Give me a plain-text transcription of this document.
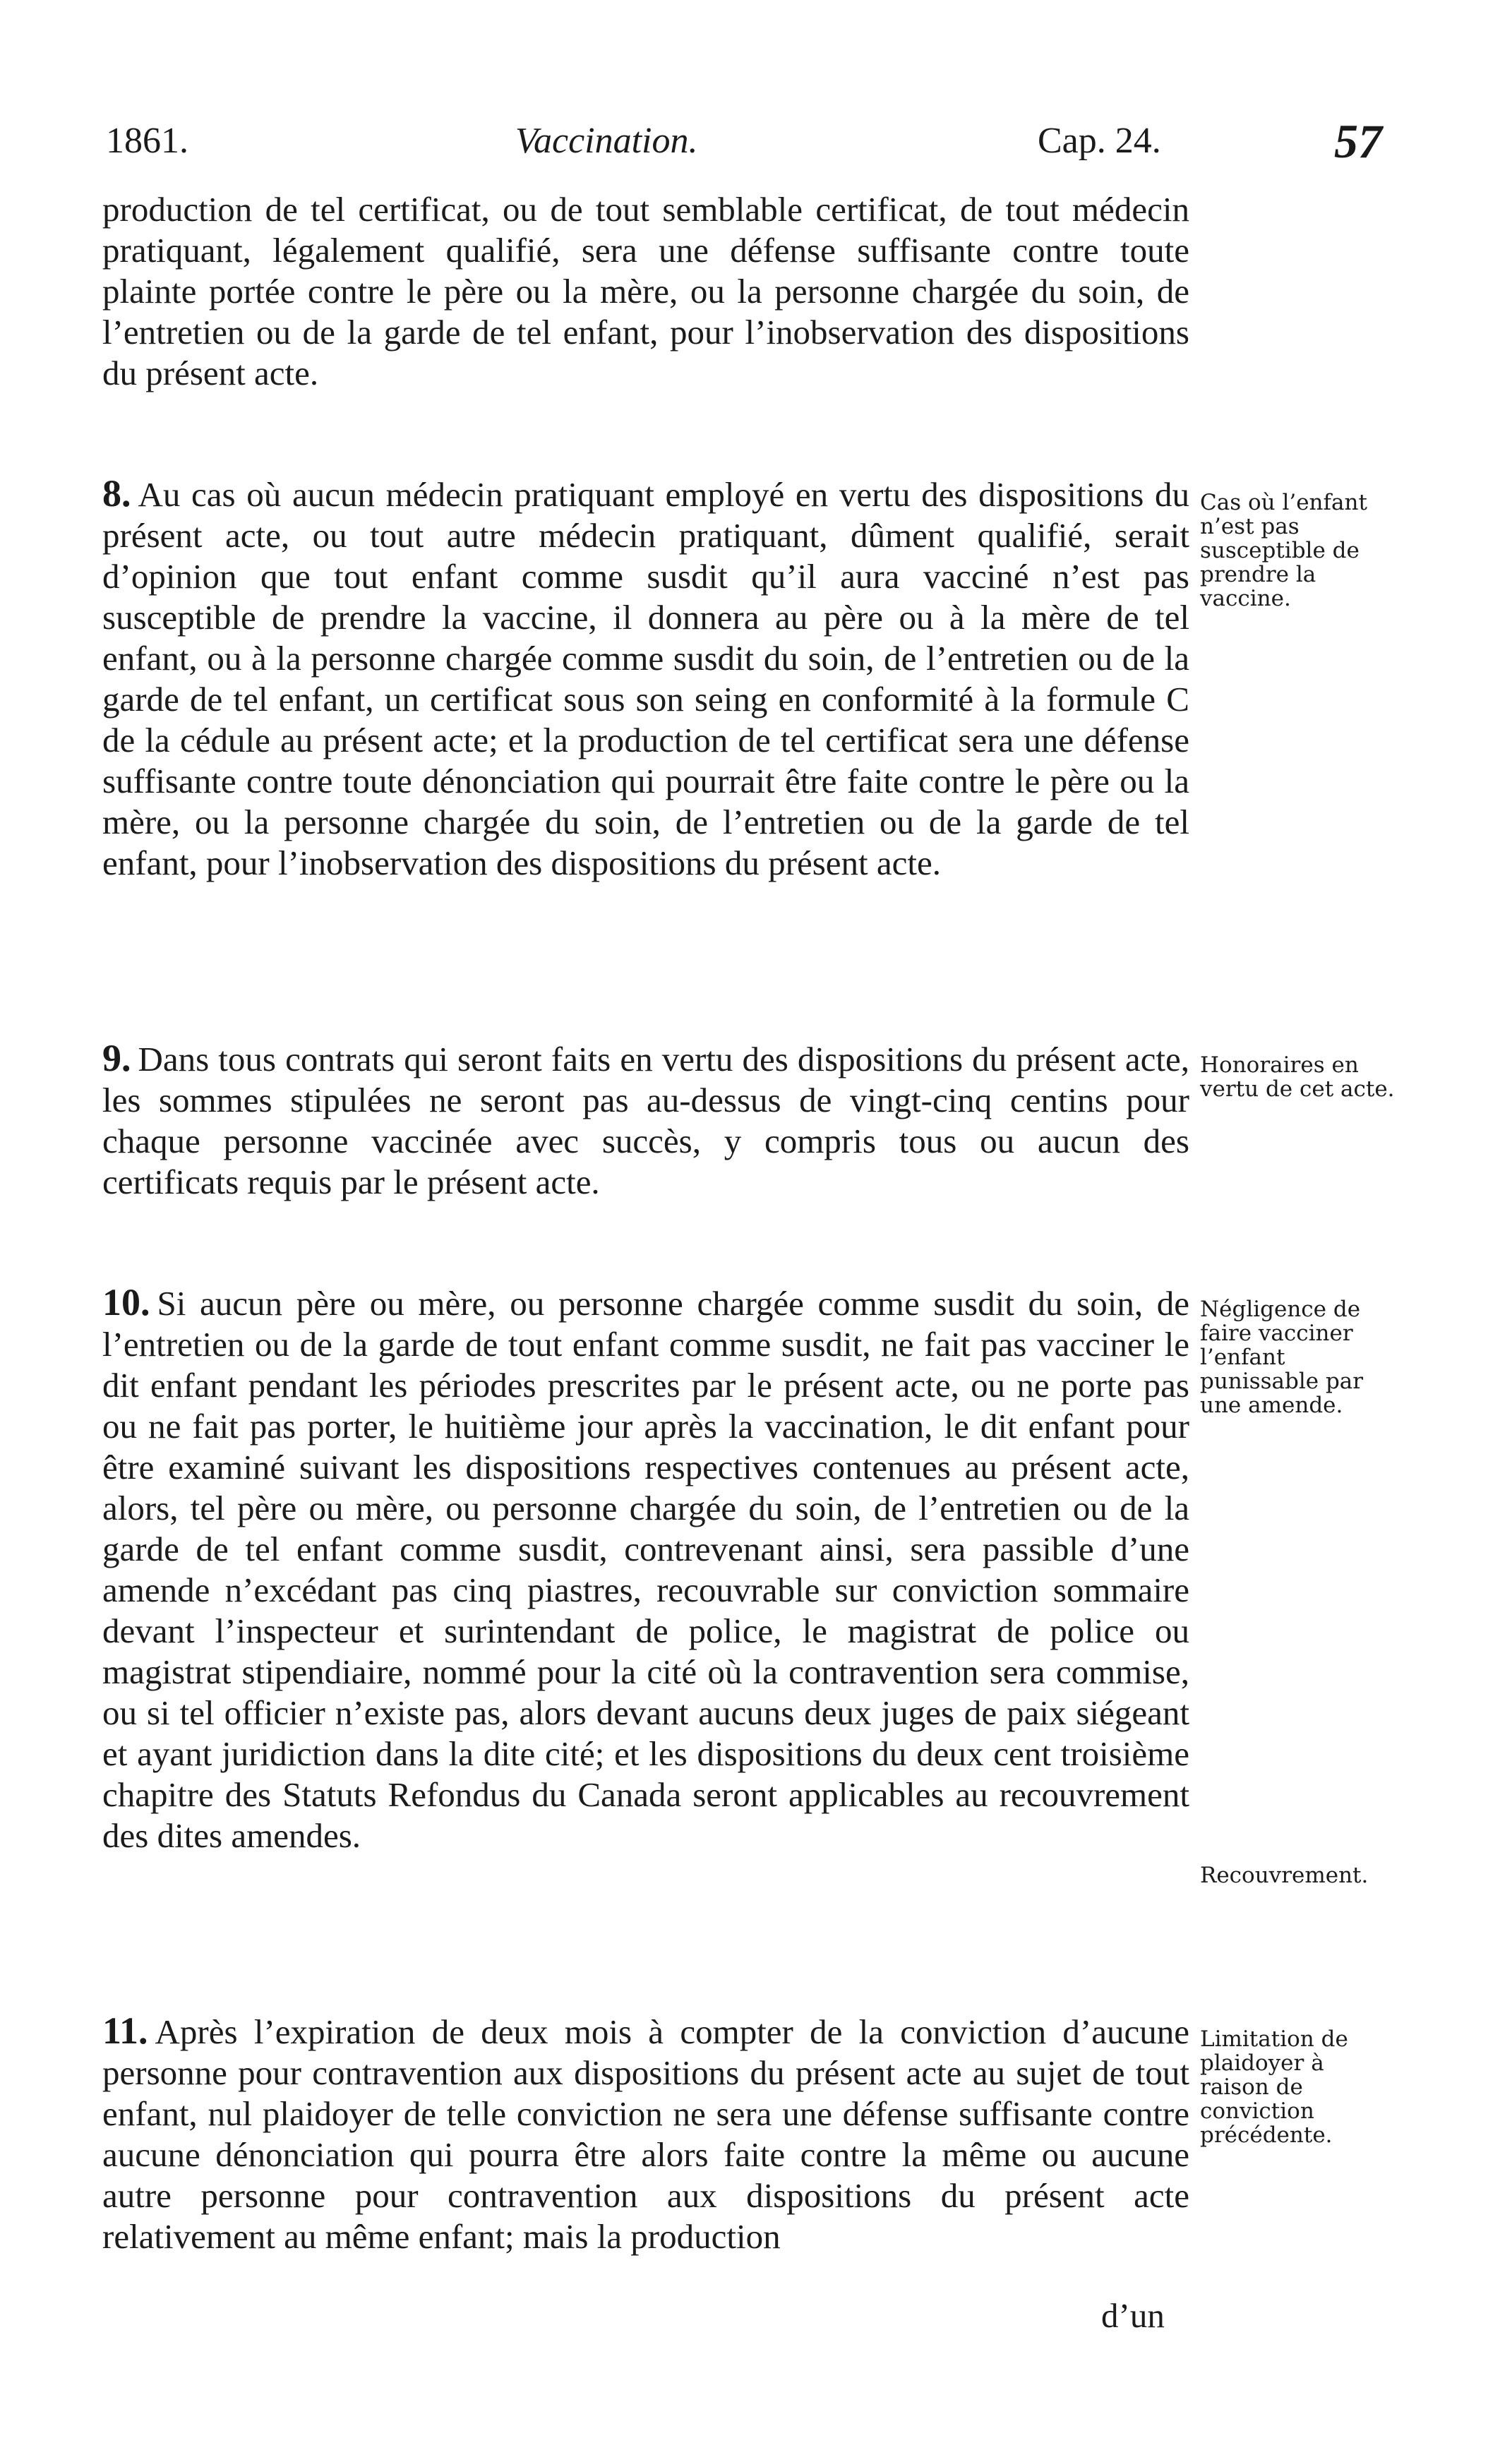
1861.	Vaccination.	Cap. 24.	57

production de tel certificat, ou de tout semblable certificat, de tout médecin pratiquant, légalement qualifié, sera une défense suffisante contre toute plainte portée contre le père ou la mère, ou la personne chargée du soin, de l’entretien ou de la garde de tel enfant, pour l’inobservation des dispositions du présent acte.

8. Au cas où aucun médecin pratiquant employé en vertu des dispositions du présent acte, ou tout autre médecin pratiquant, dûment qualifié, serait d’opinion que tout enfant comme susdit qu’il aura vacciné n’est pas susceptible de prendre la vaccine, il donnera au père ou à la mère de tel enfant, ou à la personne chargée comme susdit du soin, de l’entretien ou de la garde de tel enfant, un certificat sous son seing en conformité à la formule C de la cédule au présent acte; et la production de tel certificat sera une défense suffisante contre toute dénonciation qui pourrait être faite contre le père ou la mère, ou la personne chargée du soin, de l’entretien ou de la garde de tel enfant, pour l’inobservation des dispositions du présent acte.

Cas où l’enfant n’est pas susceptible de prendre la vaccine.

9. Dans tous contrats qui seront faits en vertu des dispositions du présent acte, les sommes stipulées ne seront pas au-dessus de vingt-cinq centins pour chaque personne vaccinée avec succès, y compris tous ou aucun des certificats requis par le présent acte.

Honoraires en vertu de cet acte.

10. Si aucun père ou mère, ou personne chargée comme susdit du soin, de l’entretien ou de la garde de tout enfant comme susdit, ne fait pas vacciner le dit enfant pendant les périodes prescrites par le présent acte, ou ne porte pas ou ne fait pas porter, le huitième jour après la vaccination, le dit enfant pour être examiné suivant les dispositions respectives contenues au présent acte, alors, tel père ou mère, ou personne chargée du soin, de l’entretien ou de la garde de tel enfant comme susdit, contrevenant ainsi, sera passible d’une amende n’excédant pas cinq piastres, recouvrable sur conviction sommaire devant l’inspecteur et surintendant de police, le magistrat de police ou magistrat stipendiaire, nommé pour la cité où la contravention sera commise, ou si tel officier n’existe pas, alors devant aucuns deux juges de paix siégeant et ayant juridiction dans la dite cité; et les dispositions du deux cent troisième chapitre des Statuts Refondus du Canada seront applicables au recouvrement des dites amendes.

Négligence de faire vacciner l’enfant punissable par une amende.

Recouvrement.

11. Après l’expiration de deux mois à compter de la conviction d’aucune personne pour contravention aux dispositions du présent acte au sujet de tout enfant, nul plaidoyer de telle conviction ne sera une défense suffisante contre aucune dénonciation qui pourra être alors faite contre la même ou aucune autre personne pour contravention aux dispositions du présent acte relativement au même enfant; mais la production

Limitation de plaidoyer à raison de conviction précédente.

d’un
